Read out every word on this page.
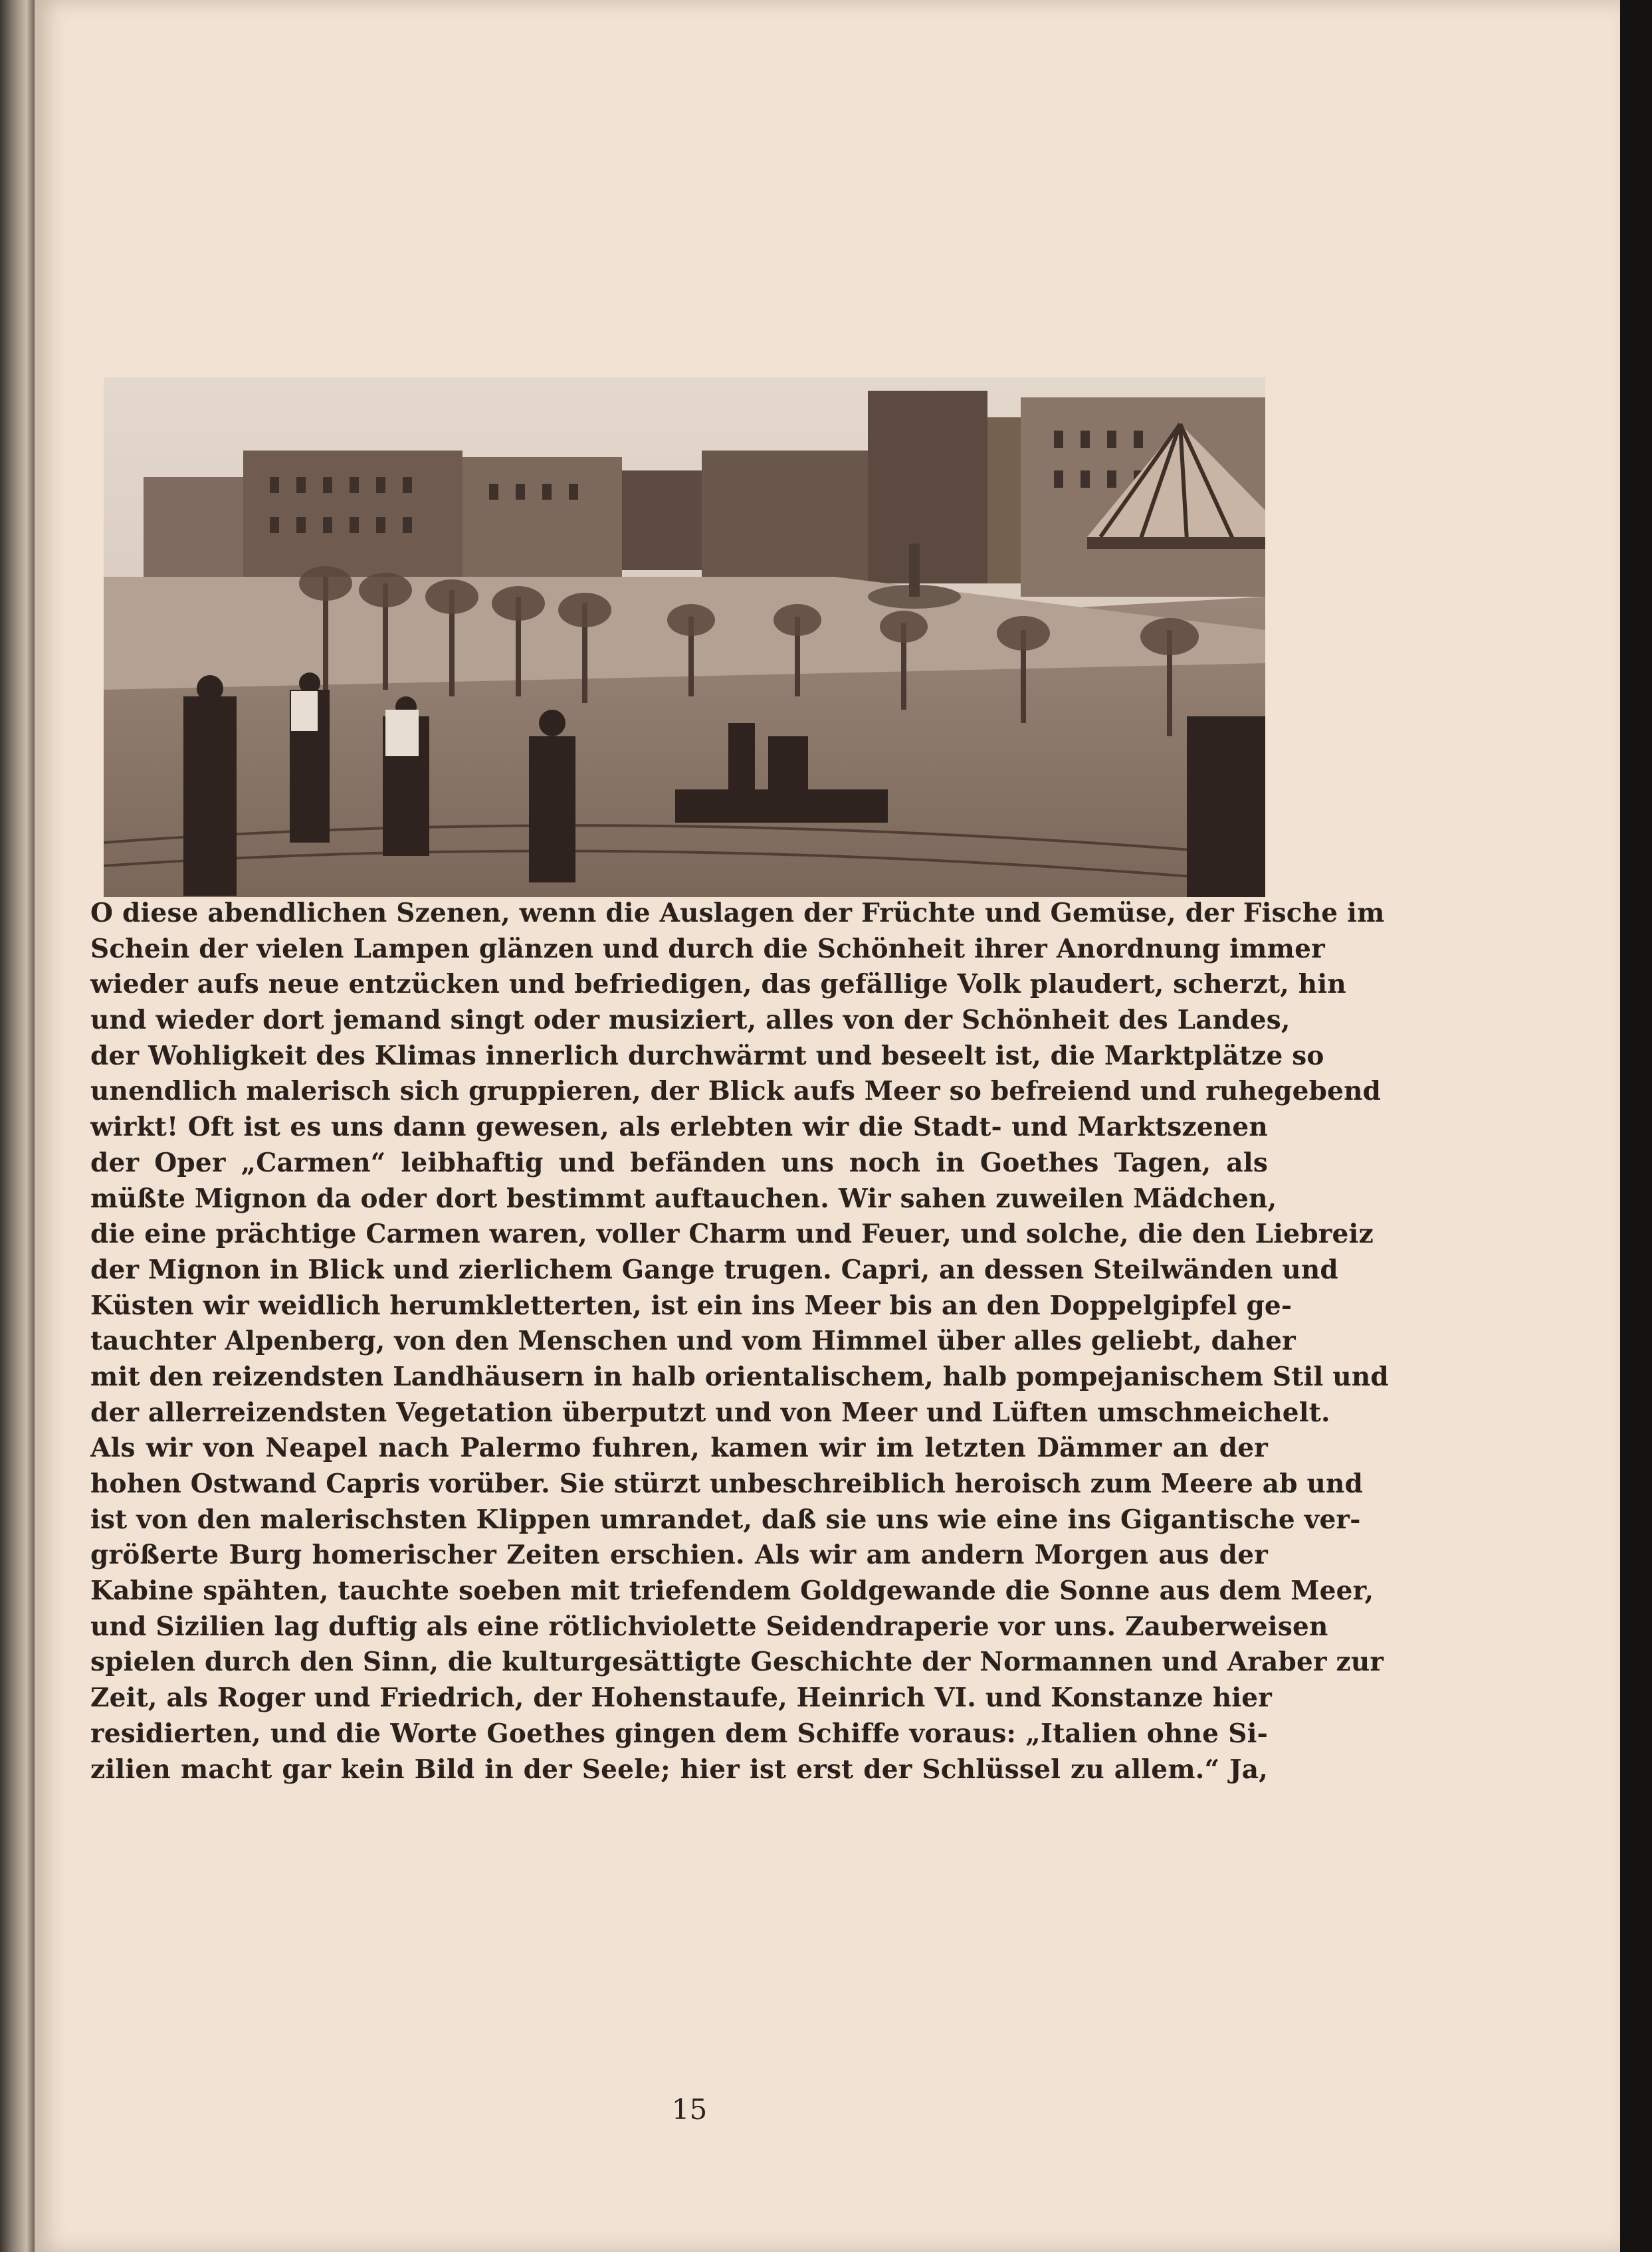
O diese abendlichen Szenen, wenn die Auslagen der Früchte und Gemüse, der Fische im
Schein der vielen Lampen glänzen und durch die Schönheit ihrer Anordnung immer
wieder aufs neue entzücken und befriedigen, das gefällige Volk plaudert, scherzt, hin
und wieder dort jemand singt oder musiziert, alles von der Schönheit des Landes,
der Wohligkeit des Klimas innerlich durchwärmt und beseelt ist, die Marktplätze so
unendlich malerisch sich gruppieren, der Blick aufs Meer so befreiend und ruhegebend
wirkt! Oft ist es uns dann gewesen, als erlebten wir die Stadt- und Marktszenen
der Oper „Carmen“ leibhaftig und befänden uns noch in Goethes Tagen, als
müßte Mignon da oder dort bestimmt auftauchen. Wir sahen zuweilen Mädchen,
die eine prächtige Carmen waren, voller Charm und Feuer, und solche, die den Liebreiz
der Mignon in Blick und zierlichem Gange trugen. Capri, an dessen Steilwänden und
Küsten wir weidlich herumkletterten, ist ein ins Meer bis an den Doppelgipfel ge-
tauchter Alpenberg, von den Menschen und vom Himmel über alles geliebt, daher
mit den reizendsten Landhäusern in halb orientalischem, halb pompejanischem Stil und
der allerreizendsten Vegetation überputzt und von Meer und Lüften umschmeichelt.
Als wir von Neapel nach Palermo fuhren, kamen wir im letzten Dämmer an der
hohen Ostwand Capris vorüber. Sie stürzt unbeschreiblich heroisch zum Meere ab und
ist von den malerischsten Klippen umrandet, daß sie uns wie eine ins Gigantische ver-
größerte Burg homerischer Zeiten erschien. Als wir am andern Morgen aus der
Kabine spähten, tauchte soeben mit triefendem Goldgewande die Sonne aus dem Meer,
und Sizilien lag duftig als eine rötlichviolette Seidendraperie vor uns. Zauberweisen
spielen durch den Sinn, die kulturgesättigte Geschichte der Normannen und Araber zur
Zeit, als Roger und Friedrich, der Hohenstaufe, Heinrich VI. und Konstanze hier
residierten, und die Worte Goethes gingen dem Schiffe voraus: „Italien ohne Si-
zilien macht gar kein Bild in der Seele; hier ist erst der Schlüssel zu allem.“ Ja,
15
